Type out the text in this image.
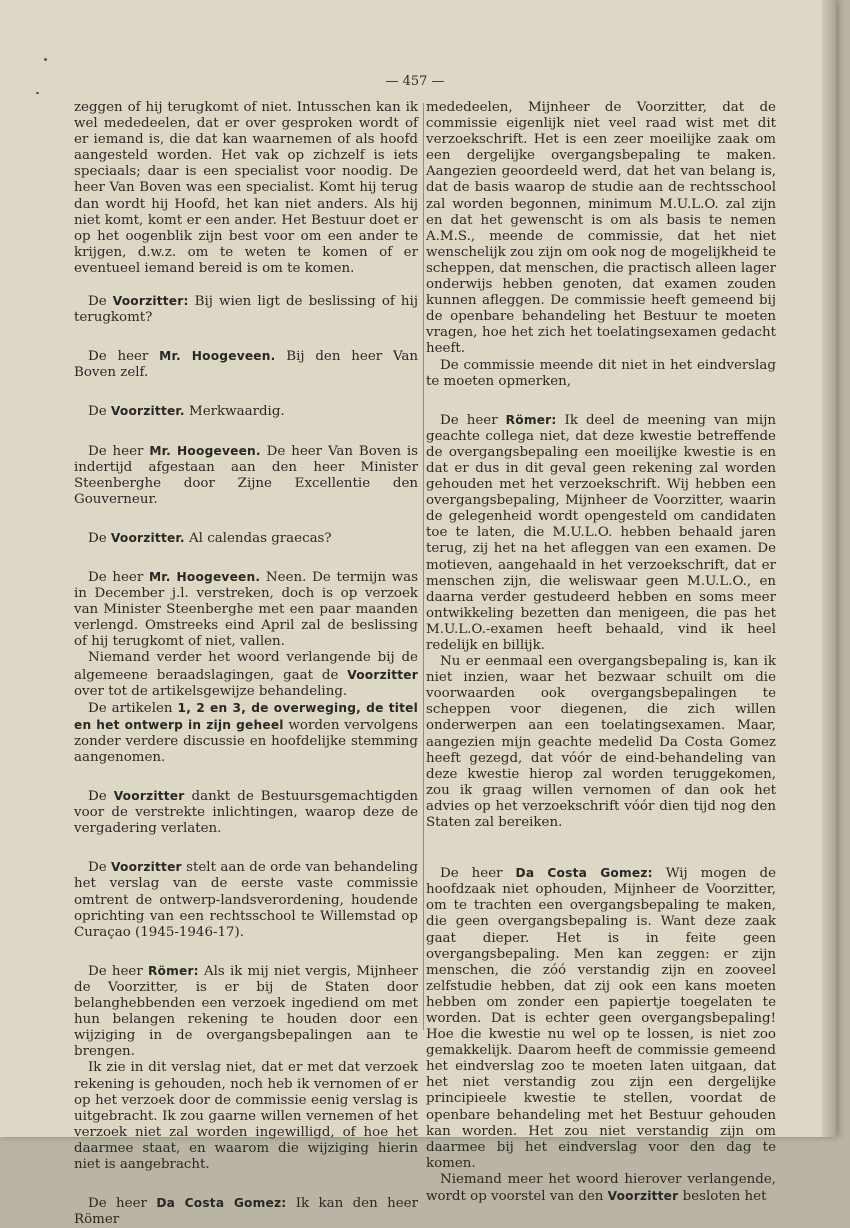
— 457 —

zeggen of hij terugkomt of niet. Intusschen kan ik wel mededeelen, dat er over gesproken wordt of er iemand is, die dat kan waarnemen of als hoofd aangesteld worden. Het vak op zichzelf is iets speciaals; daar is een specialist voor noodig. De heer Van Boven was een specialist. Komt hij terug dan wordt hij Hoofd, het kan niet anders. Als hij niet komt, komt er een ander. Het Bestuur doet er op het oogenblik zijn best voor om een ander te krijgen, d.w.z. om te weten te komen of er eventueel iemand bereid is om te komen.

De Voorzitter: Bij wien ligt de beslissing of hij terugkomt?

De heer Mr. Hoogeveen. Bij den heer Van Boven zelf.

De Voorzitter. Merkwaardig.

De heer Mr. Hoogeveen. De heer Van Boven is indertijd afgestaan aan den heer Minister Steenberghe door Zijne Excellentie den Gouverneur.

De Voorzitter. Al calendas graecas?

De heer Mr. Hoogeveen. Neen. De termijn was in December j.l. verstreken, doch is op verzoek van Minister Steenberghe met een paar maanden verlengd. Omstreeks eind April zal de beslissing of hij terugkomt of niet, vallen.

Niemand verder het woord verlangende bij de algemeene beraadslagingen, gaat de Voorzitter over tot de artikelsgewijze behandeling.

De artikelen 1, 2 en 3, de overweging, de titel en het ontwerp in zijn geheel worden vervolgens zonder verdere discussie en hoofdelijke stemming aangenomen.

De Voorzitter dankt de Bestuursgemachtigden voor de verstrekte inlichtingen, waarop deze de vergadering verlaten.

De Voorzitter stelt aan de orde van behandeling het verslag van de eerste vaste commissie omtrent de ontwerp-landsverordening, houdende oprichting van een rechtsschool te Willemstad op Curaçao (1945-1946-17).

De heer Römer: Als ik mij niet vergis, Mijnheer de Voorzitter, is er bij de Staten door belanghebbenden een verzoek ingediend om met hun belangen rekening te houden door een wijziging in de overgangsbepalingen aan te brengen.

Ik zie in dit verslag niet, dat er met dat verzoek rekening is gehouden, noch heb ik vernomen of er op het verzoek door de commissie eenig verslag is uitgebracht. Ik zou gaarne willen vernemen of het verzoek niet zal worden ingewilligd, of hoe het daarmee staat, en waarom die wijziging hierin niet is aangebracht.

De heer Da Costa Gomez: Ik kan den heer Römer

mededeelen, Mijnheer de Voorzitter, dat de commissie eigenlijk niet veel raad wist met dit verzoekschrift. Het is een zeer moeilijke zaak om een dergelijke overgangsbepaling te maken. Aangezien geoordeeld werd, dat het van belang is, dat de basis waarop de studie aan de rechtsschool zal worden begonnen, minimum M.U.L.O. zal zijn en dat het gewenscht is om als basis te nemen A.M.S., meende de commissie, dat het niet wenschelijk zou zijn om ook nog de mogelijkheid te scheppen, dat menschen, die practisch alleen lager onderwijs hebben genoten, dat examen zouden kunnen afleggen. De commissie heeft gemeend bij de openbare behandeling het Bestuur te moeten vragen, hoe het zich het toelatingsexamen gedacht heeft.

De commissie meende dit niet in het eindverslag te moeten opmerken,

De heer Römer: Ik deel de meening van mijn geachte collega niet, dat deze kwestie betreffende de overgangsbepaling een moeilijke kwestie is en dat er dus in dit geval geen rekening zal worden gehouden met het verzoekschrift. Wij hebben een overgangsbepaling, Mijnheer de Voorzitter, waarin de gelegenheid wordt opengesteld om candidaten toe te laten, die M.U.L.O. hebben behaald jaren terug, zij het na het afleggen van een examen. De motieven, aangehaald in het verzoekschrift, dat er menschen zijn, die weliswaar geen M.U.L.O., en daarna verder gestudeerd hebben en soms meer ontwikkeling bezetten dan menigeen, die pas het M.U.L.O.-examen heeft behaald, vind ik heel redelijk en billijk.

Nu er eenmaal een overgangsbepaling is, kan ik niet inzien, waar het bezwaar schuilt om die voorwaarden ook overgangsbepalingen te scheppen voor diegenen, die zich willen onderwerpen aan een toelatingsexamen. Maar, aangezien mijn geachte medelid Da Costa Gomez heeft gezegd, dat vóór de eind-behandeling van deze kwestie hierop zal worden teruggekomen, zou ik graag willen vernomen of dan ook het advies op het verzoekschrift vóór dien tijd nog den Staten zal bereiken.

De heer Da Costa Gomez: Wij mogen de hoofdzaak niet ophouden, Mijnheer de Voorzitter, om te trachten een overgangsbepaling te maken, die geen overgangsbepaling is. Want deze zaak gaat dieper. Het is in feite geen overgangsbepaling. Men kan zeggen: er zijn menschen, die zóó verstandig zijn en zooveel zelfstudie hebben, dat zij ook een kans moeten hebben om zonder een papiertje toegelaten te worden. Dat is echter geen overgangsbepaling! Hoe die kwestie nu wel op te lossen, is niet zoo gemakkelijk. Daarom heeft de commissie gemeend het eindverslag zoo te moeten laten uitgaan, dat het niet verstandig zou zijn een dergelijke principieele kwestie te stellen, voordat de openbare behandeling met het Bestuur gehouden kan worden. Het zou niet verstandig zijn om daarmee bij het eindverslag voor den dag te komen.

Niemand meer het woord hierover verlangende, wordt op voorstel van den Voorzitter besloten het
